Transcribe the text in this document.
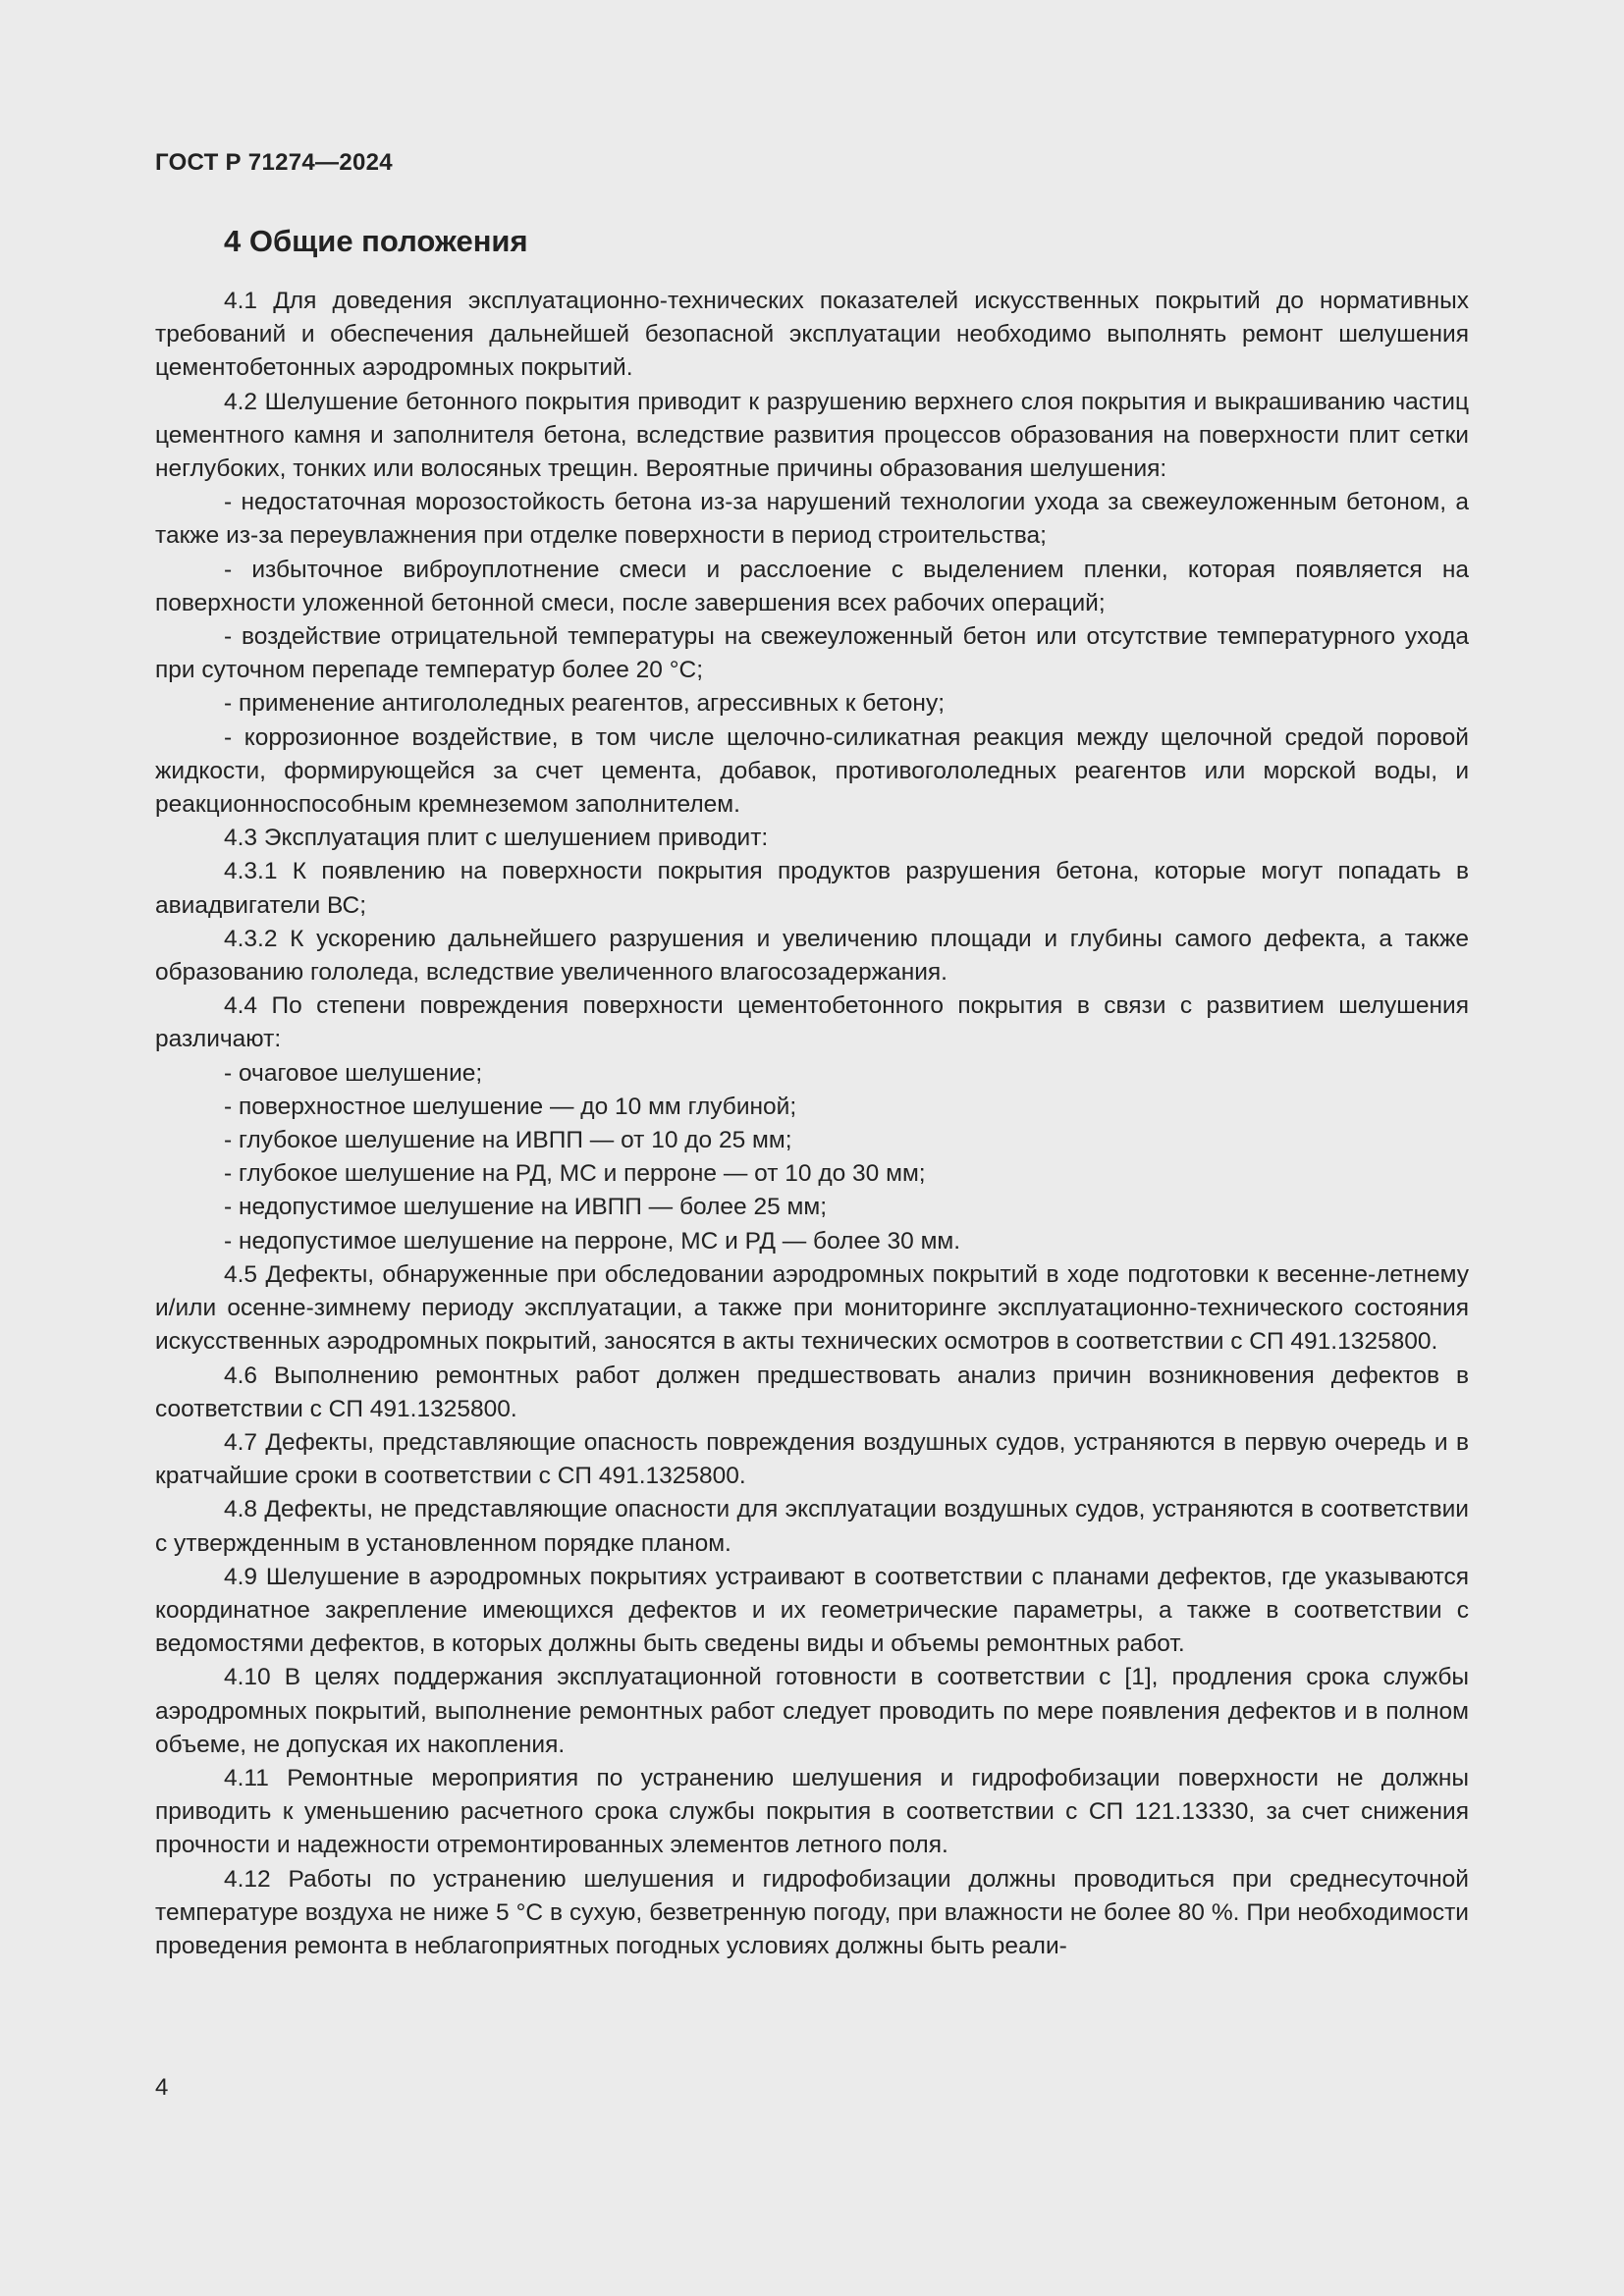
ГОСТ Р 71274—2024
4 Общие положения

4.1 Для доведения эксплуатационно-технических показателей искусственных покрытий до нормативных требований и обеспечения дальнейшей безопасной эксплуатации необходимо выполнять ремонт шелушения цементобетонных аэродромных покрытий.

4.2 Шелушение бетонного покрытия приводит к разрушению верхнего слоя покрытия и выкрашиванию частиц цементного камня и заполнителя бетона, вследствие развития процессов образования на поверхности плит сетки неглубоких, тонких или волосяных трещин. Вероятные причины образования шелушения:

- недостаточная морозостойкость бетона из-за нарушений технологии ухода за свежеуложенным бетоном, а также из-за переувлажнения при отделке поверхности в период строительства;

- избыточное виброуплотнение смеси и расслоение с выделением пленки, которая появляется на поверхности уложенной бетонной смеси, после завершения всех рабочих операций;

- воздействие отрицательной температуры на свежеуложенный бетон или отсутствие температурного ухода при суточном перепаде температур более 20 °C;

- применение антигололедных реагентов, агрессивных к бетону;

- коррозионное воздействие, в том числе щелочно-силикатная реакция между щелочной средой поровой жидкости, формирующейся за счет цемента, добавок, противогололедных реагентов или морской воды, и реакционноспособным кремнеземом заполнителем.

4.3 Эксплуатация плит с шелушением приводит:

4.3.1 К появлению на поверхности покрытия продуктов разрушения бетона, которые могут попадать в авиадвигатели ВС;

4.3.2 К ускорению дальнейшего разрушения и увеличению площади и глубины самого дефекта, а также образованию гололеда, вследствие увеличенного влагосозадержания.

4.4 По степени повреждения поверхности цементобетонного покрытия в связи с развитием шелушения различают:

- очаговое шелушение;

- поверхностное шелушение — до 10 мм глубиной;

- глубокое шелушение на ИВПП — от 10 до 25 мм;

- глубокое шелушение на РД, МС и перроне — от 10 до 30 мм;

- недопустимое шелушение на ИВПП — более 25 мм;

- недопустимое шелушение на перроне, МС и РД — более 30 мм.

4.5 Дефекты, обнаруженные при обследовании аэродромных покрытий в ходе подготовки к весенне-летнему и/или осенне-зимнему периоду эксплуатации, а также при мониторинге эксплуатационно-технического состояния искусственных аэродромных покрытий, заносятся в акты технических осмотров в соответствии с СП 491.1325800.

4.6 Выполнению ремонтных работ должен предшествовать анализ причин возникновения дефектов в соответствии с СП 491.1325800.

4.7 Дефекты, представляющие опасность повреждения воздушных судов, устраняются в первую очередь и в кратчайшие сроки в соответствии с СП 491.1325800.

4.8 Дефекты, не представляющие опасности для эксплуатации воздушных судов, устраняются в соответствии с утвержденным в установленном порядке планом.

4.9 Шелушение в аэродромных покрытиях устраивают в соответствии с планами дефектов, где указываются координатное закрепление имеющихся дефектов и их геометрические параметры, а также в соответствии с ведомостями дефектов, в которых должны быть сведены виды и объемы ремонтных работ.

4.10 В целях поддержания эксплуатационной готовности в соответствии с [1], продления срока службы аэродромных покрытий, выполнение ремонтных работ следует проводить по мере появления дефектов и в полном объеме, не допуская их накопления.

4.11 Ремонтные мероприятия по устранению шелушения и гидрофобизации поверхности не должны приводить к уменьшению расчетного срока службы покрытия в соответствии с СП 121.13330, за счет снижения прочности и надежности отремонтированных элементов летного поля.

4.12 Работы по устранению шелушения и гидрофобизации должны проводиться при среднесуточной температуре воздуха не ниже 5 °C в сухую, безветренную погоду, при влажности не более 80 %. При необходимости проведения ремонта в неблагоприятных погодных условиях должны быть реали-

4
